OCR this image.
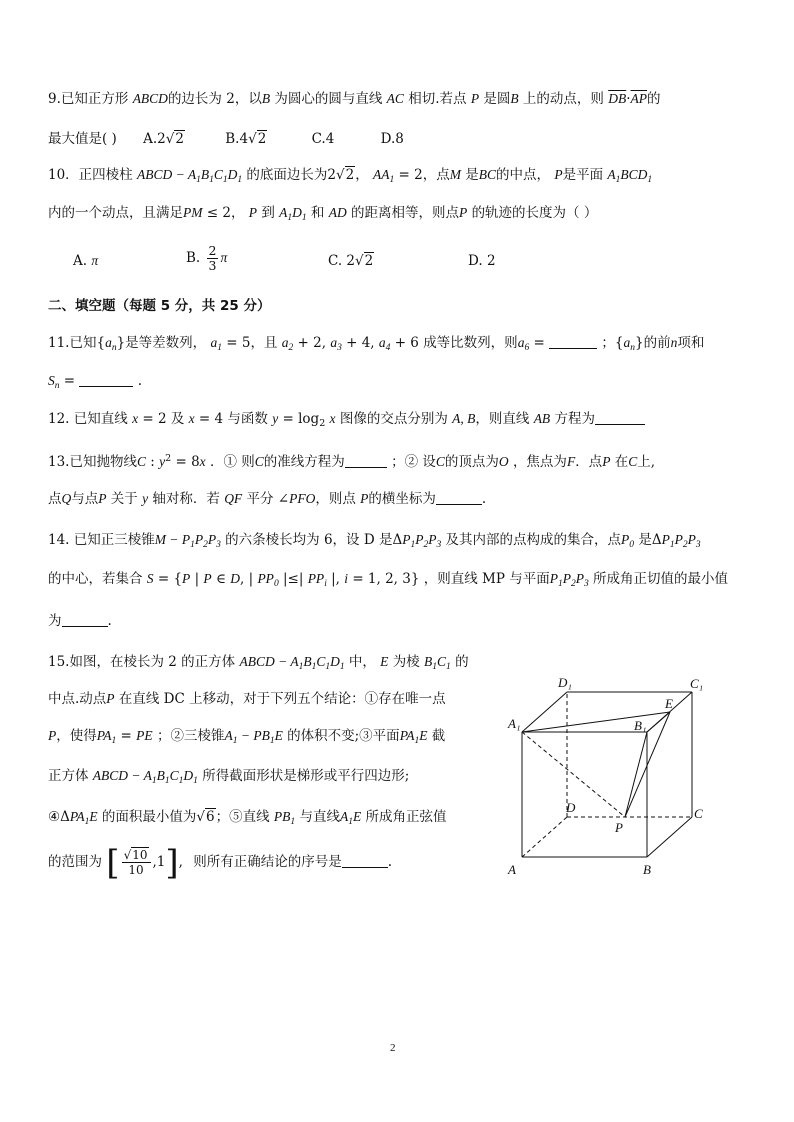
9.已知正方形 ABCD的边长为 2，以B 为圆心的圆与直线 AC 相切.若点 P 是圆B 上的动点，则 $\overline{DB}\cdot\overline{AP}$的
最大值是( ) A.2√2	B.4√2	C.4	D.8
10．正四棱柱 ABCD − $A_1B_1C_1D_1$ 的底面边长为2√2， $AA_1 = 2$，点M 是BC的中点， P是平面 $A_1BCD_1$
内的一个动点，且满足PM ≤ 2， P 到 $A_1D_1$ 和 AD 的距离相等，则点P 的轨迹的长度为（ ）
A. π	B. $\frac{2}{3}$ π	C. 2√2	D. 2
二、填空题（每题 5 分，共 25 分）
11.已知$\{a_n\}$是等差数列， $a_1 = 5$，且 $a_2 + 2$, $a_3 + 4$, $a_4 + 6$ 成等比数列，则$a_6$ =	；$\{a_n\}$的前n项和
$S_n$ =	.
12. 已知直线 x = 2 及 x = 4 与函数 $y = \log_2 x$ 图像的交点分别为 A, B，则直线 AB 方程为
13.已知抛物线C : $y^2 = 8x$ ．① 则C的准线方程为	；② 设C的顶点为O ，焦点为F．点P 在C上,
点Q与点P 关于 y 轴对称．若 QF 平分 ∠PFO，则点 P的横坐标为	.
14. 已知正三棱锥$M - P_1P_2P_3$ 的六条棱长均为 6，设 D 是$\Delta P_1P_2P_3$ 及其内部的点构成的集合，点$P_0$ 是$\Delta P_1P_2P_3$
的中心，若集合 S = {P | P ∈ D, | $PP_0$ |≤| $PP_i$ |, i = 1, 2, 3} ，则直线 MP 与平面$P_1P_2P_3$ 所成角正切值的最小值
为	.
15.如图，在棱长为 2 的正方体 ABCD − $A_1B_1C_1D_1$ 中， E 为棱 $B_1C_1$ 的
中点.动点P 在直线 DC 上移动，对于下列五个结论：①存在唯一点
P，使得$PA_1$ = PE ；②三棱锥$A_1 - PB_1E$ 的体积不变;③平面$PA_1E$ 截
正方体 ABCD − $A_1B_1C_1D_1$ 所得截面形状是梯形或平行四边形;
$④\Delta PA_1E$ 的面积最小值为√6；⑤直线 $PB_1$ 与直线$A_1E$ 所成角正弦值
的范围为 [ $\frac{√10}{10} ,1$], 则所有正确结论的序号是	.
D₁	C₁
A₁	B₁
E
D	C
P
A	B
2
